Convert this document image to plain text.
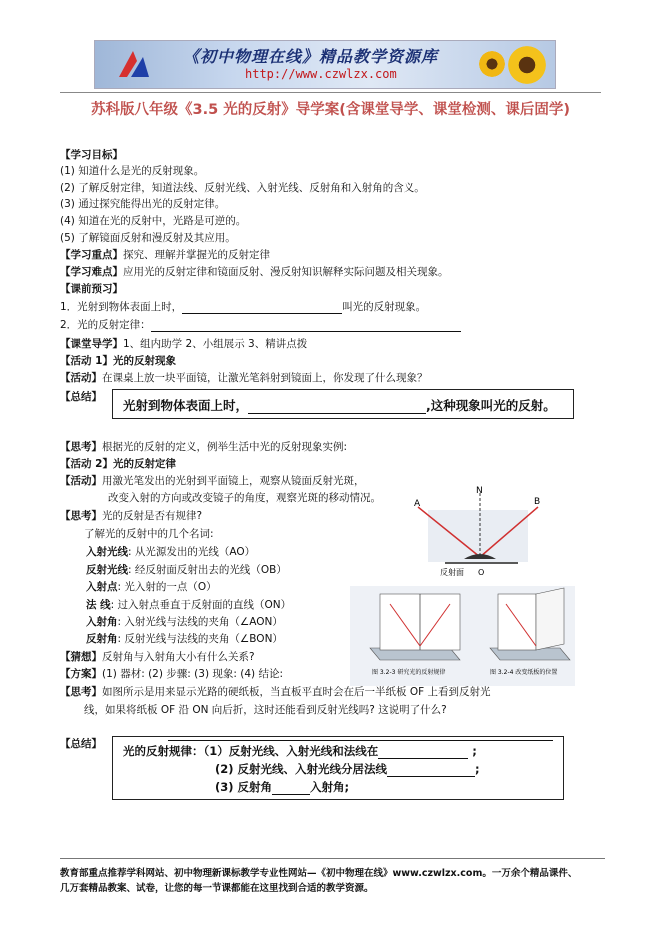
《初中物理在线》精品教学资源库
http://www.czwlzx.com
苏科版八年级《3.5 光的反射》导学案(含课堂导学、课堂检测、课后固学)
【学习目标】
(1) 知道什么是光的反射现象。
(2) 了解反射定律，知道法线、反射光线、入射光线、反射角和入射角的含义。
(3) 通过探究能得出光的反射定律。
(4) 知道在光的反射中，光路是可逆的。
(5) 了解镜面反射和漫反射及其应用。
【学习重点】探究、理解并掌握光的反射定律
【学习难点】应用光的反射定律和镜面反射、漫反射知识解释实际问题及相关现象。
【课前预习】
1．光射到物体表面上时，	叫光的反射现象。
2．光的反射定律：
【课堂导学】1、组内助学 2、小组展示 3、精讲点拨
【活动 1】光的反射现象
【活动】在课桌上放一块平面镜，让激光笔斜射到镜面上，你发现了什么现象？
【总结】
光射到物体表面上时，	,这种现象叫光的反射。
【思考】根据光的反射的定义，例举生活中光的反射现象实例:
【活动 2】光的反射定律
【活动】用激光笔发出的光射到平面镜上，观察从镜面反射光斑，
改变入射的方向或改变镜子的角度，观察光斑的移动情况。
【思考】光的反射是否有规律?
了解光的反射中的几个名词:
入射光线: 从光源发出的光线（AO）
反射光线: 经反射面反射出去的光线（OB）
入射点: 光入射的一点（O）
法 线: 过入射点垂直于反射面的直线（ON）
入射角: 入射光线与法线的夹角（∠AON）
反射角: 反射光线与法线的夹角（∠BON）
【猜想】反射角与入射角大小有什么关系?
【方案】(1) 器材: (2) 步骤: (3) 现象: (4) 结论:
【思考】如图所示是用来显示光路的硬纸板，当直板平直时会在后一半纸板 OF 上看到反射光
线，如果将纸板 OF 沿 ON 向后折，这时还能看到反射光线吗? 这说明了什么?
A	B
N
O
反射面
图 3.2-3 研究光的反射规律	图 3.2-4 改变纸板的位置
【总结】 光的反射规律：（1）反射光线、入射光线和法线在	;
(2) 反射光线、入射光线分居法线	;
(3) 反射角	入射角;
教育部重点推荐学科网站、初中物理新课标教学专业性网站—《初中物理在线》www.czwlzx.com。一万余个精品课件、
几万套精品教案、试卷，让您的每一节课都能在这里找到合适的教学资源。
